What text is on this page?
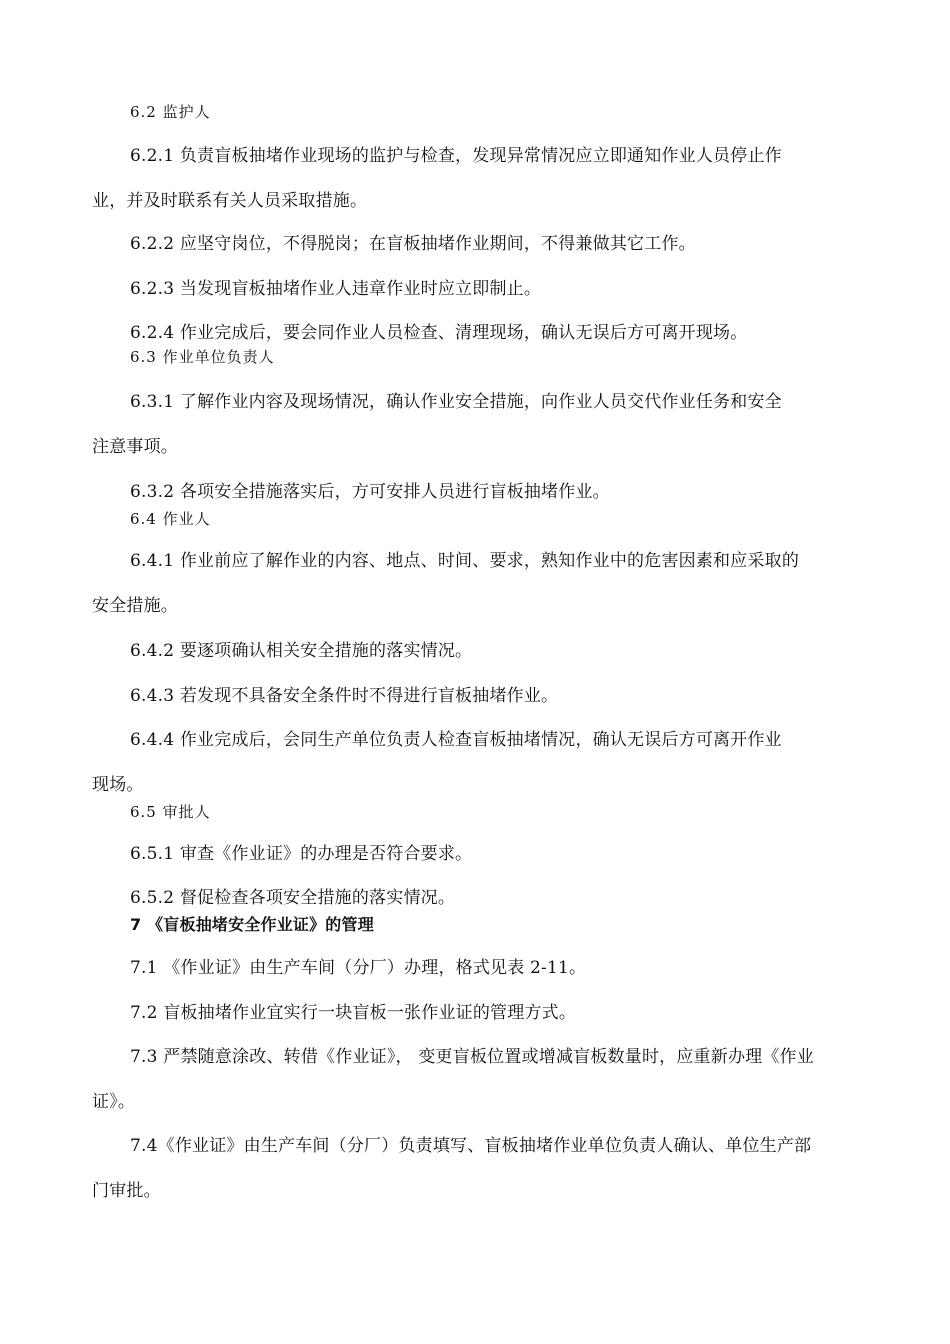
6.2 监护人
6.2.1 负责盲板抽堵作业现场的监护与检查，发现异常情况应立即通知作业人员停止作
业，并及时联系有关人员采取措施。
6.2.2 应坚守岗位，不得脱岗；在盲板抽堵作业期间，不得兼做其它工作。
6.2.3 当发现盲板抽堵作业人违章作业时应立即制止。
6.2.4 作业完成后，要会同作业人员检查、清理现场，确认无误后方可离开现场。
6.3 作业单位负责人
6.3.1 了解作业内容及现场情况，确认作业安全措施，向作业人员交代作业任务和安全
注意事项。
6.3.2 各项安全措施落实后，方可安排人员进行盲板抽堵作业。
6.4 作业人
6.4.1 作业前应了解作业的内容、地点、时间、要求，熟知作业中的危害因素和应采取的
安全措施。
6.4.2 要逐项确认相关安全措施的落实情况。
6.4.3 若发现不具备安全条件时不得进行盲板抽堵作业。
6.4.4 作业完成后，会同生产单位负责人检查盲板抽堵情况，确认无误后方可离开作业
现场。
6.5 审批人
6.5.1 审查《作业证》的办理是否符合要求。
6.5.2 督促检查各项安全措施的落实情况。
7 《盲板抽堵安全作业证》的管理
7.1 《作业证》由生产车间（分厂）办理，格式见表 2-11。
7.2 盲板抽堵作业宜实行一块盲板一张作业证的管理方式。
7.3 严禁随意涂改、转借《作业证》， 变更盲板位置或增减盲板数量时，应重新办理《作业
证》。
7.4《作业证》由生产车间（分厂）负责填写、盲板抽堵作业单位负责人确认、单位生产部
门审批。
